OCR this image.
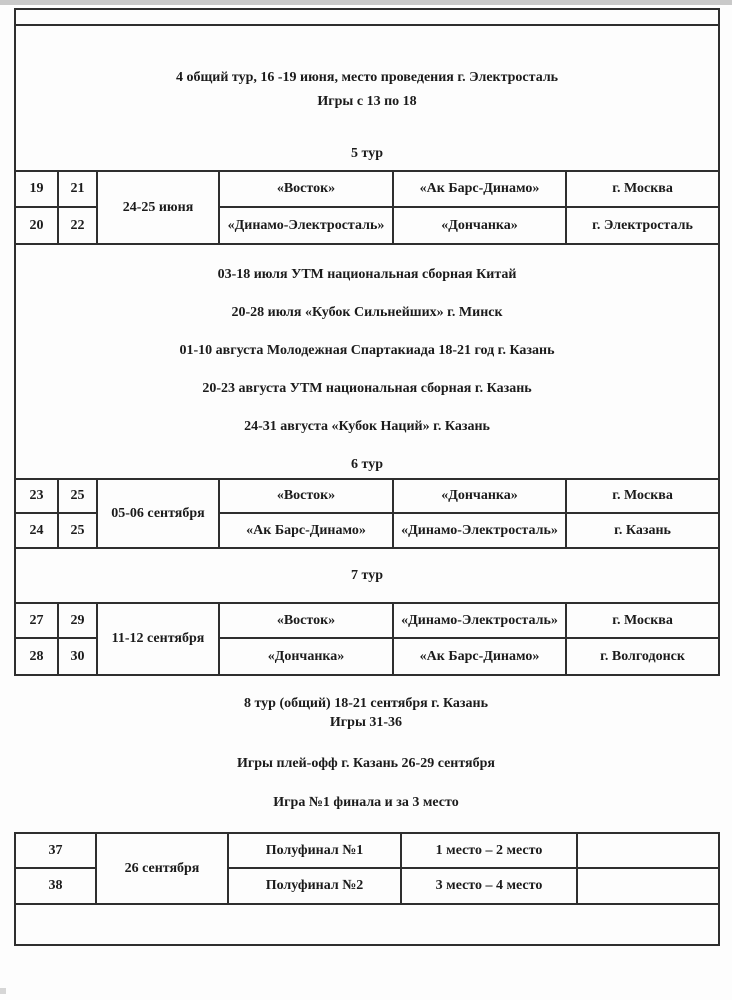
4 общий тур, 16 -19 июня, место проведения г. Электросталь
Игры с 13 по 18
5 тур					

19	21	24-25 июня	«Восток»	«Ак Барс-Динамо»	г. Москва
20	22		«Динамо-Электросталь»	«Дончанка»	г. Электросталь

03-18 июля УТМ национальная сборная Китай
20-28 июля «Кубок Сильнейших» г. Минск
01-10 августа Молодежная Спартакиада 18-21 год г. Казань
20-23 августа УТМ национальная сборная г. Казань
24-31 августа «Кубок Наций» г. Казань
6 тур

23	25	05-06 сентября	«Восток»	«Дончанка»	г. Москва
24	25		«Ак Барс-Динамо»	«Динамо-Электросталь»	г. Казань
7 тур					
27	29	11-12 сентября	«Восток»	«Динамо-Электросталь»	г. Москва
28	30		«Дончанка»	«Ак Барс-Динамо»	г. Волгодонск

8 тур (общий) 18-21 сентября г. Казань
Игры 31-36

Игры плей-офф г. Казань 26-29 сентября

Игра №1 финала и за 3 место

37	26 сентября	Полуфинал №1	1 место – 2 место	
38		Полуфинал №2	3 место – 4 место	
